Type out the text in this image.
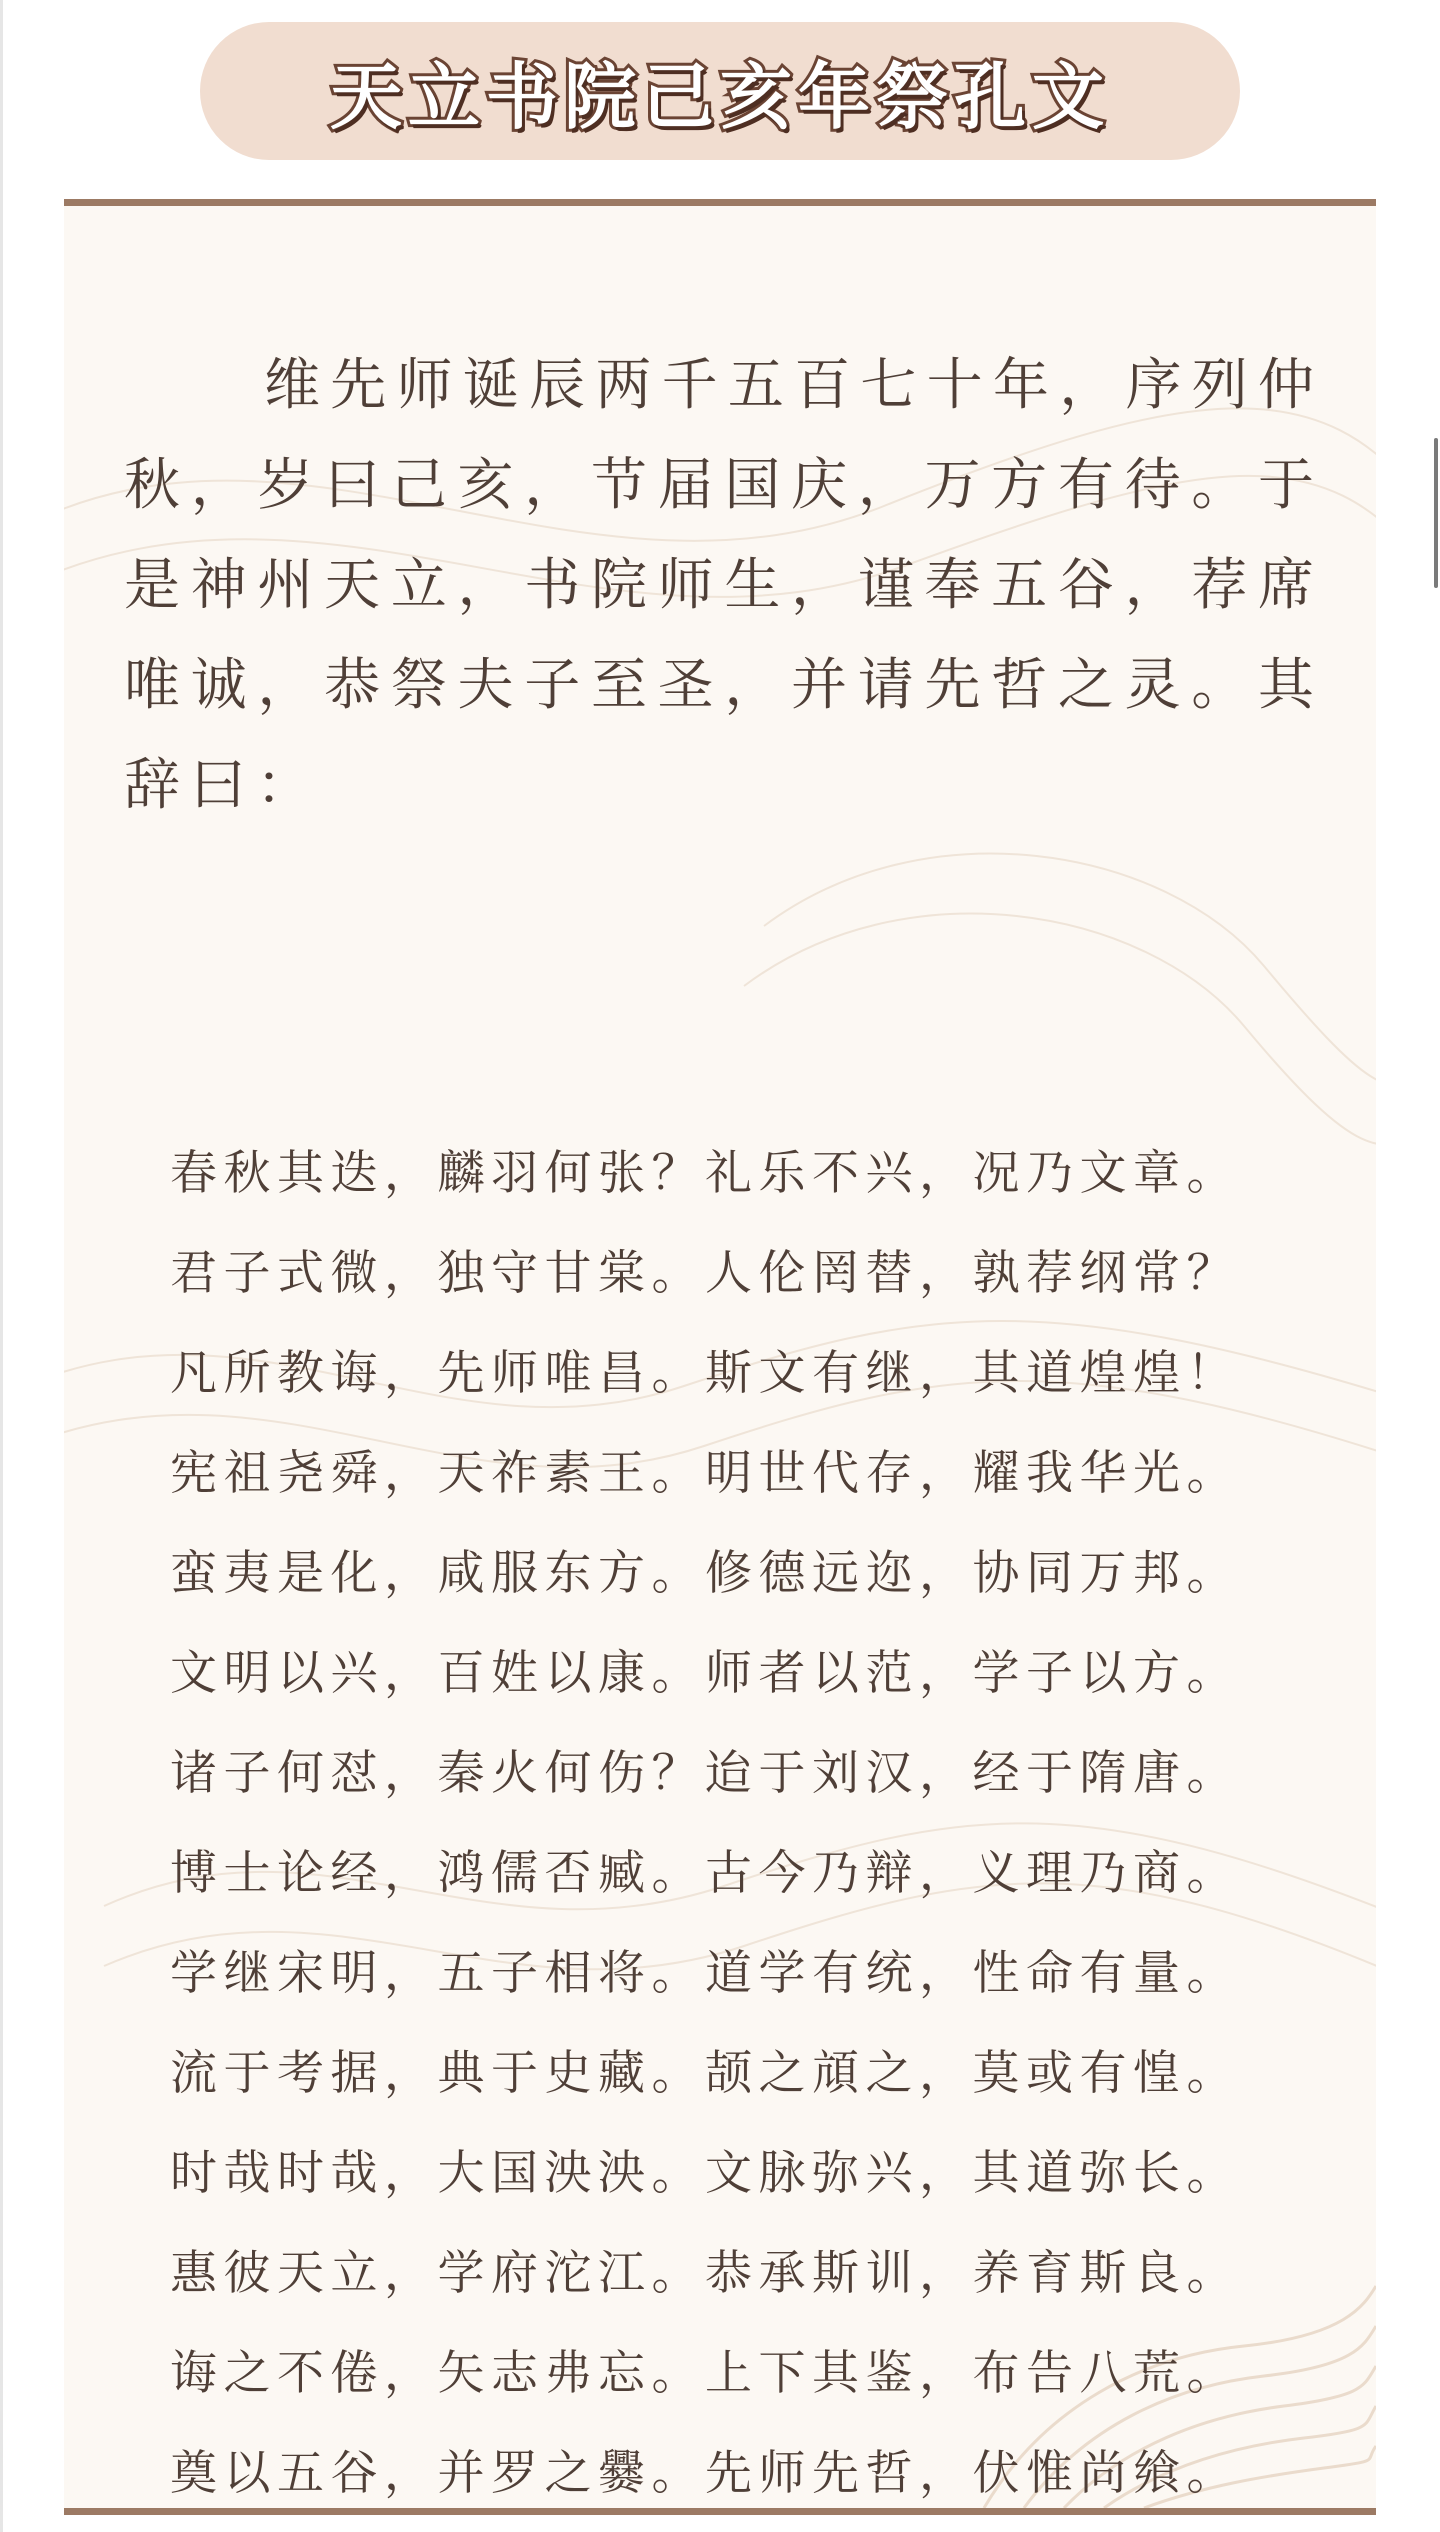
天立书院己亥年祭孔文

维先师诞辰两千五百七十年，序列仲秋，岁曰己亥，节届国庆，万方有待。于是神州天立，书院师生，谨奉五谷，荐席唯诚，恭祭夫子至圣，并请先哲之灵。其辞曰：

春秋其迭，麟羽何张？礼乐不兴，况乃文章。
君子式微，独守甘棠。人伦罔替，孰荐纲常？
凡所教诲，先师唯昌。斯文有继，其道煌煌！
宪祖尧舜，天祚素王。明世代存，耀我华光。
蛮夷是化，咸服东方。修德远迩，协同万邦。
文明以兴，百姓以康。师者以范，学子以方。
诸子何怼，秦火何伤？迨于刘汉，经于隋唐。
博士论经，鸿儒否臧。古今乃辩，义理乃商。
学继宋明，五子相将。道学有统，性命有量。
流于考据，典于史藏。颉之頏之，莫或有惶。
时哉时哉，大国泱泱。文脉弥兴，其道弥长。
惠彼天立，学府沱江。恭承斯训，养育斯良。
诲之不倦，矢志弗忘。上下其鉴，布告八荒。
奠以五谷，并罗之爨。先师先哲，伏惟尚飨。
